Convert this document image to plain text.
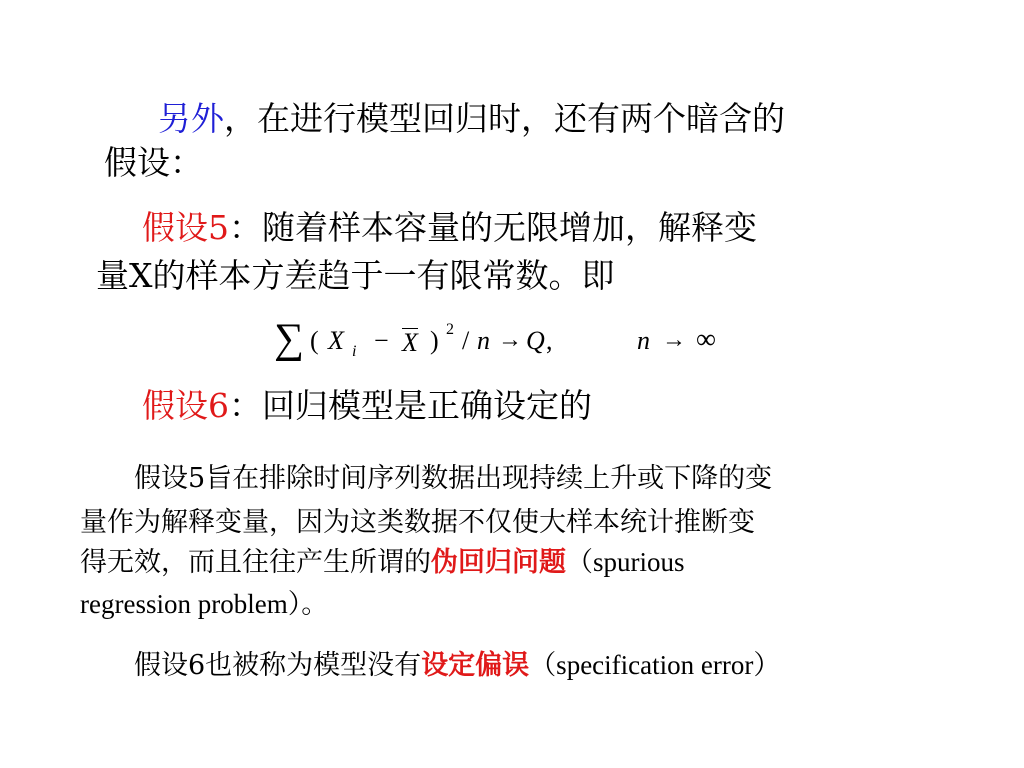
另外，在进行模型回归时，还有两个暗含的
假设：
假设5：随着样本容量的无限增加，解释变
量X的样本方差趋于一有限常数。即
∑ ( X i − X ) 2 / n → Q ,	n → ∞
假设6：回归模型是正确设定的
假设5旨在排除时间序列数据出现持续上升或下降的变
量作为解释变量，因为这类数据不仅使大样本统计推断变
得无效，而且往往产生所谓的伪回归问题（spurious
regression problem）。
假设6也被称为模型没有设定偏误（specification error）
